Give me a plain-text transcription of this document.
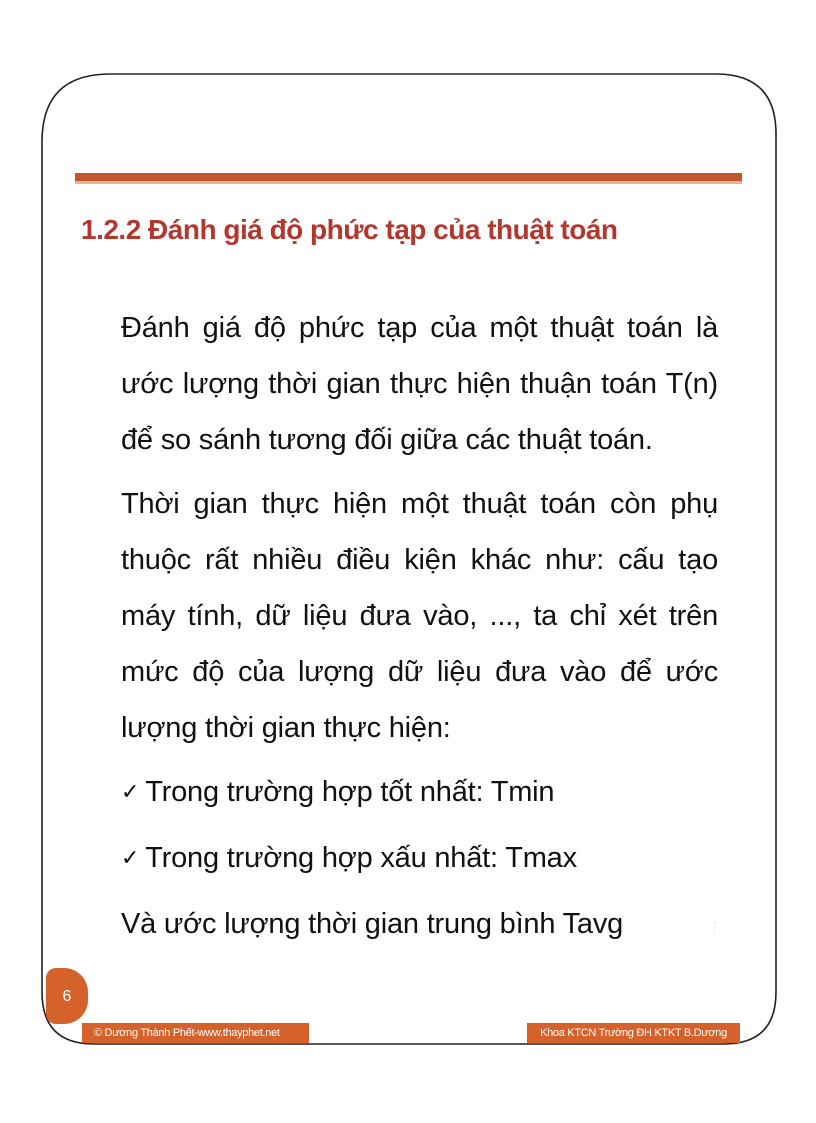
1.2.2 Đánh giá độ phức tạp của thuật toán

Đánh giá độ phức tạp của một thuật toán là ước lượng thời gian thực hiện thuận toán T(n) để so sánh tương đối giữa các thuật toán.

Thời gian thực hiện một thuật toán còn phụ thuộc rất nhiều điều kiện khác như: cấu tạo máy tính, dữ liệu đưa vào, ..., ta chỉ xét trên mức độ của lượng dữ liệu đưa vào để ước lượng thời gian thực hiện:

✓ Trong trường hợp tốt nhất: Tmin

✓ Trong trường hợp xấu nhất: Tmax

Và ước lượng thời gian trung bình Tavg	⁝
6
© Dương Thành Phết-www.thayphet.net	Khoa KTCN Trường ĐH KTKT B.Dương
